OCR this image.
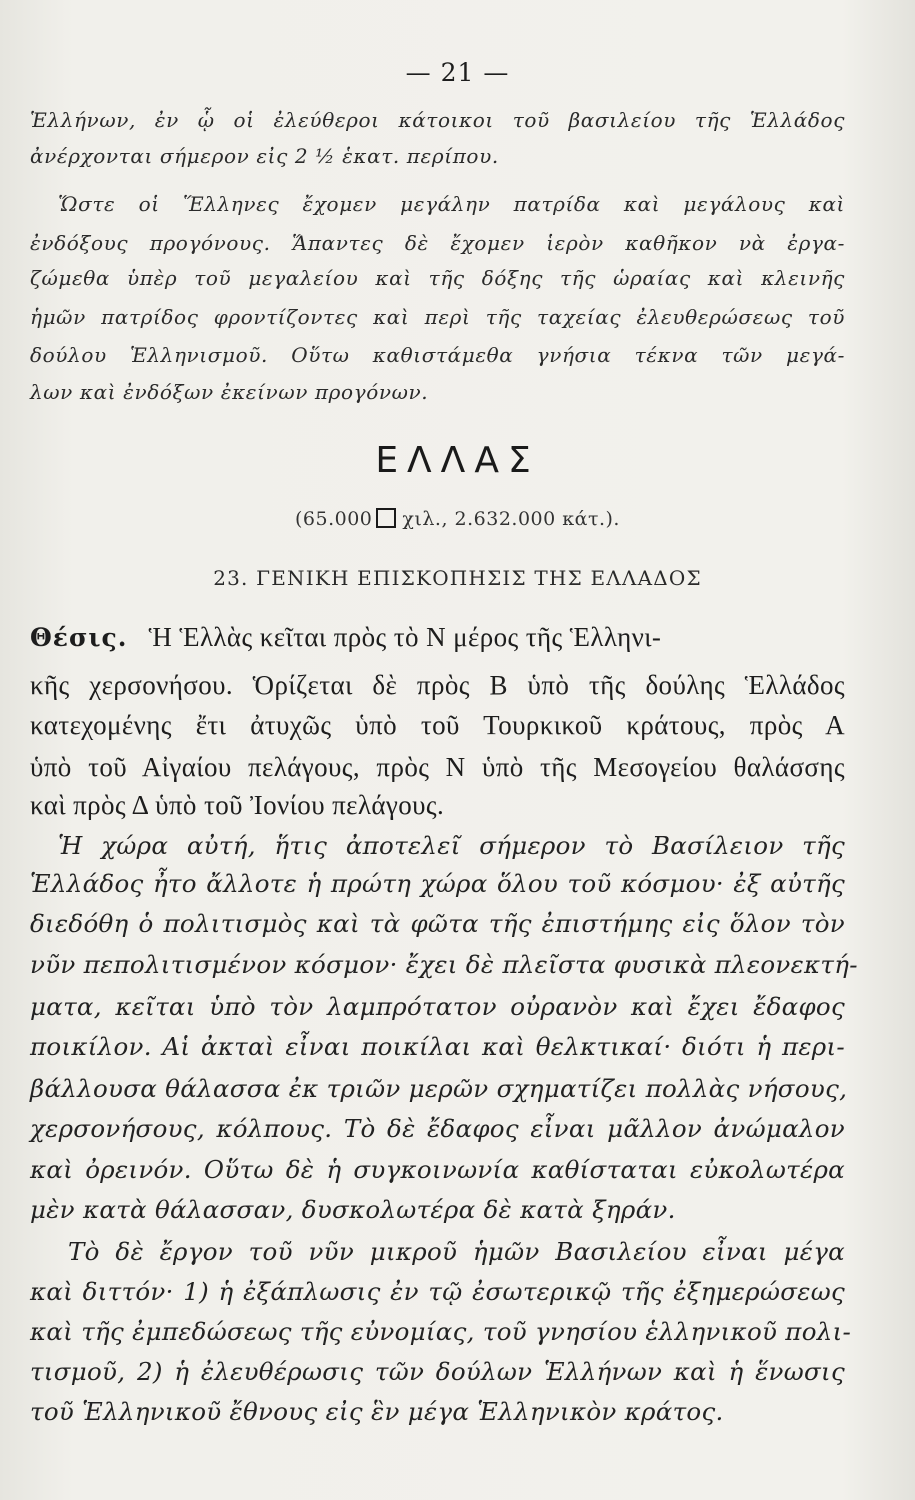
— 21 —
Ἑλλήνων, ἐν ᾧ οἱ ἐλεύθεροι κάτοικοι τοῦ βασιλείου τῆς Ἑλλάδος
ἀνέρχονται σήμερον εἰς 2 ½ ἑκατ. περίπου.
Ὥστε οἱ Ἕλληνες ἔχομεν μεγάλην πατρίδα καὶ μεγάλους καὶ
ἐνδόξους προγόνους. Ἅπαντες δὲ ἔχομεν ἱερὸν καθῆκον νὰ ἐργα-
ζώμεθα ὑπὲρ τοῦ μεγαλείου καὶ τῆς δόξης τῆς ὡραίας καὶ κλεινῆς
ἡμῶν πατρίδος φροντίζοντες καὶ περὶ τῆς ταχείας ἐλευθερώσεως τοῦ
δούλου Ἑλληνισμοῦ. Οὕτω καθιστάμεθα γνήσια τέκνα τῶν μεγά-
λων καὶ ἐνδόξων ἐκείνων προγόνων.
ΕΛΛΑΣ
(65.000 χιλ., 2.632.000 κάτ.).
23. ΓΕΝΙΚΗ ΕΠΙΣΚΟΠΗΣΙΣ ΤΗΣ ΕΛΛΑΔΟΣ
Θέσις. Ἡ Ἑλλὰς κεῖται πρὸς τὸ Ν μέρος τῆς Ἑλληνι-
κῆς χερσονήσου. Ὁρίζεται δὲ πρὸς Β ὑπὸ τῆς δούλης Ἑλλάδος
κατεχομένης ἔτι ἀτυχῶς ὑπὸ τοῦ Τουρκικοῦ κράτους, πρὸς Α
ὑπὸ τοῦ Αἰγαίου πελάγους, πρὸς Ν ὑπὸ τῆς Μεσογείου θαλάσσης
καὶ πρὸς Δ ὑπὸ τοῦ Ἰονίου πελάγους.
Ἡ χώρα αὐτή, ἥτις ἀποτελεῖ σήμερον τὸ Βασίλειον τῆς
Ἑλλάδος ἦτο ἄλλοτε ἡ πρώτη χώρα ὅλου τοῦ κόσμου· ἐξ αὐτῆς
διεδόθη ὁ πολιτισμὸς καὶ τὰ φῶτα τῆς ἐπιστήμης εἰς ὅλον τὸν
νῦν πεπολιτισμένον κόσμον· ἔχει δὲ πλεῖστα φυσικὰ πλεονεκτή-
ματα, κεῖται ὑπὸ τὸν λαμπρότατον οὐρανὸν καὶ ἔχει ἔδαφος
ποικίλον. Αἱ ἀκταὶ εἶναι ποικίλαι καὶ θελκτικαί· διότι ἡ περι-
βάλλουσα θάλασσα ἐκ τριῶν μερῶν σχηματίζει πολλὰς νήσους,
χερσονήσους, κόλπους. Τὸ δὲ ἔδαφος εἶναι μᾶλλον ἀνώμαλον
καὶ ὀρεινόν. Οὕτω δὲ ἡ συγκοινωνία καθίσταται εὐκολωτέρα
μὲν κατὰ θάλασσαν, δυσκολωτέρα δὲ κατὰ ξηράν.
Τὸ δὲ ἔργον τοῦ νῦν μικροῦ ἡμῶν Βασιλείου εἶναι μέγα
καὶ διττόν· 1) ἡ ἐξάπλωσις ἐν τῷ ἐσωτερικῷ τῆς ἐξημερώσεως
καὶ τῆς ἐμπεδώσεως τῆς εὐνομίας, τοῦ γνησίου ἑλληνικοῦ πολι-
τισμοῦ, 2) ἡ ἐλευθέρωσις τῶν δούλων Ἑλλήνων καὶ ἡ ἕνωσις
τοῦ Ἑλληνικοῦ ἔθνους εἰς ἓν μέγα Ἑλληνικὸν κράτος.
